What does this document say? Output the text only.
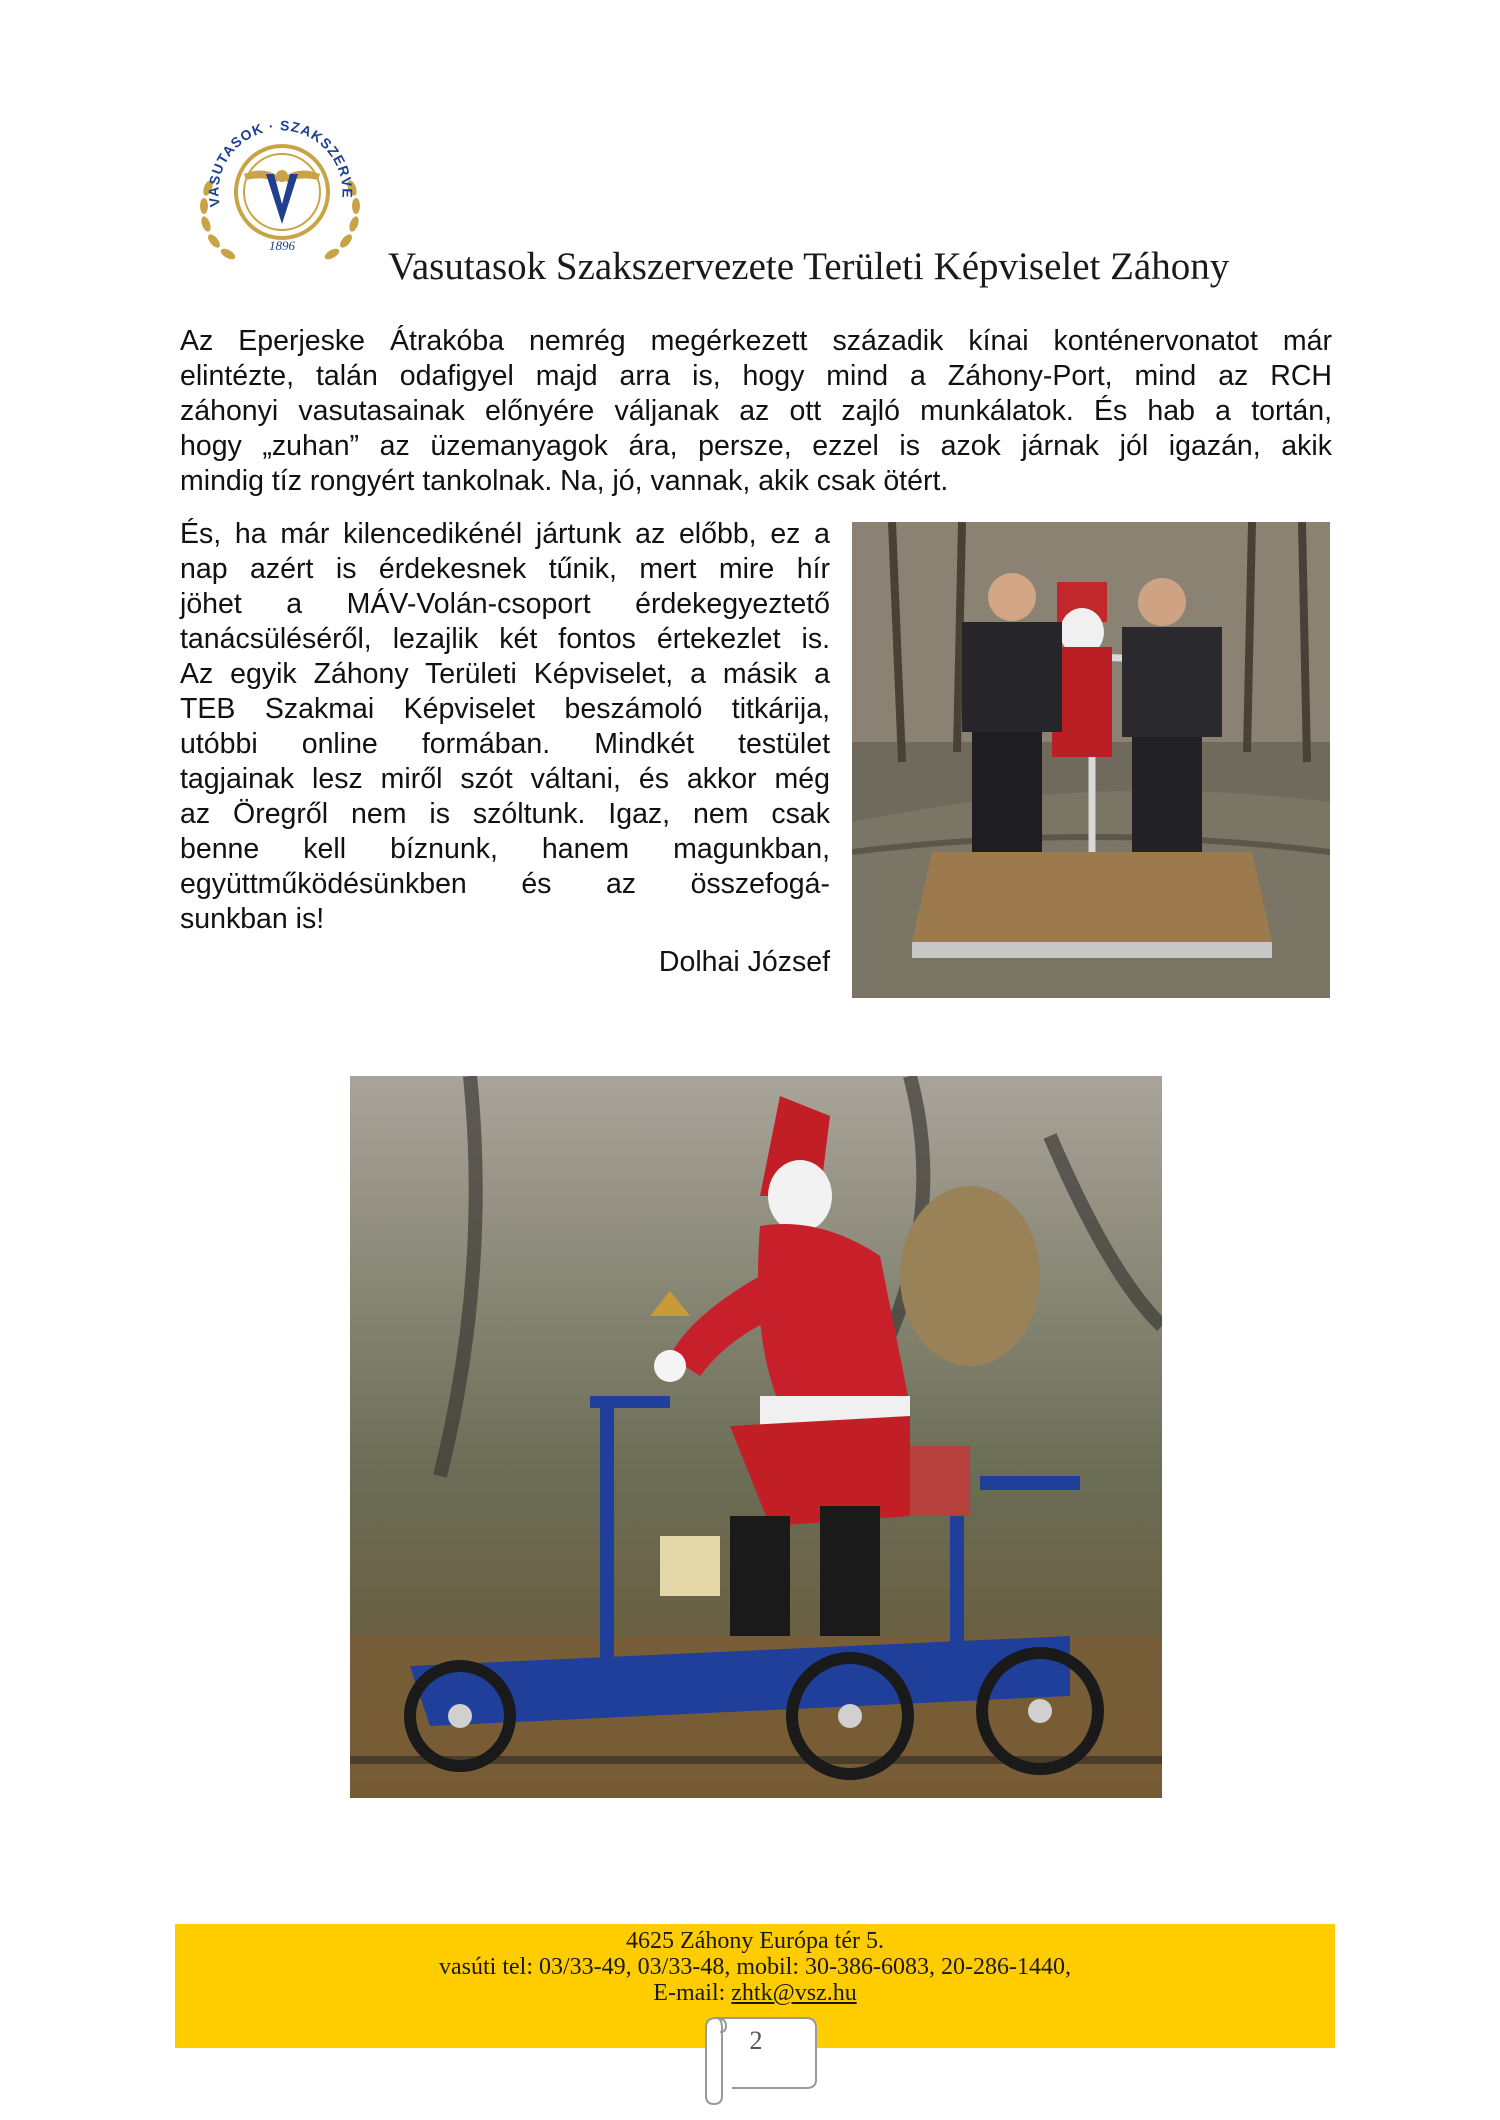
VASUTASOK · SZAKSZERVE
1896 Vasutasok Szakszervezete Területi Képviselet Záhony
Az Eperjeske Átrakóba nemrég megérkezett századik kínai konténervonatot már
elintézte, talán odafigyel majd arra is, hogy mind a Záhony-Port, mind az RCH
záhonyi vasutasainak előnyére váljanak az ott zajló munkálatok. És hab a tortán,
hogy „zuhan” az üzemanyagok ára, persze, ezzel is azok járnak jól igazán, akik
mindig tíz rongyért tankolnak. Na, jó, vannak, akik csak ötért.
És, ha már kilencedikénél jártunk az előbb, ez a
nap azért is érdekesnek tűnik, mert mire hír
jöhet a MÁV-Volán-csoport érdekegyeztető
tanácsüléséről, lezajlik két fontos értekezlet is.
Az egyik Záhony Területi Képviselet, a másik a
TEB Szakmai Képviselet beszámoló titkárija,
utóbbi online formában. Mindkét testület
tagjainak lesz miről szót váltani, és akkor még
az Öregről nem is szóltunk. Igaz, nem csak
benne kell bíznunk, hanem magunkban,
együttműködésünkben és az összefogá-
sunkban is!
Dolhai József
4625 Záhony Európa tér 5.
vasúti tel: 03/33-49, 03/33-48, mobil: 30-386-6083, 20-286-1440,
E-mail: zhtk@vsz.hu
2
